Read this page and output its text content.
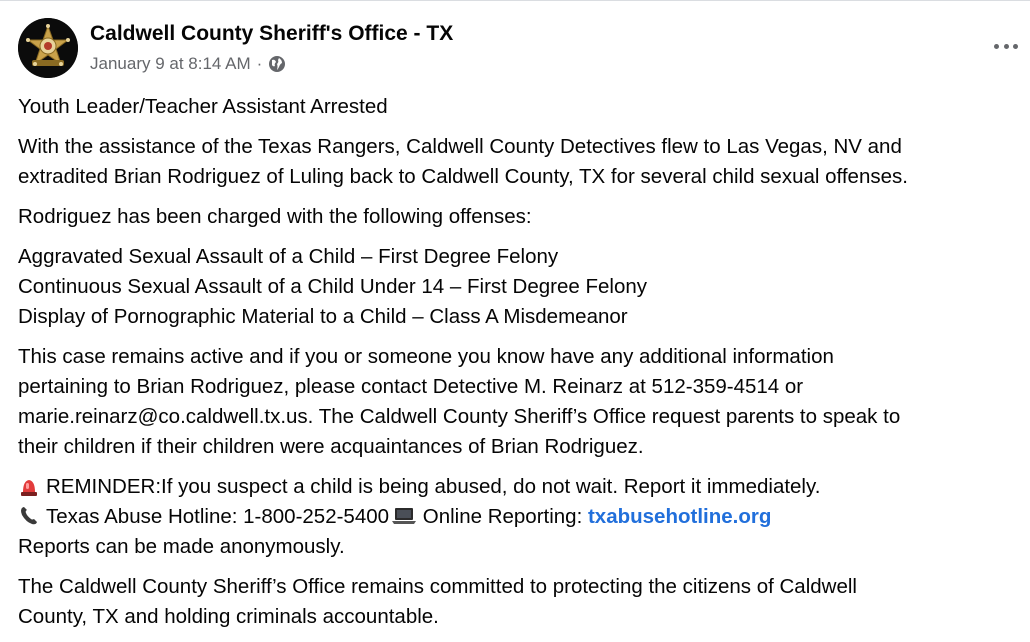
Caldwell County Sheriff's Office - TX
January 9 at 8:14 AM ·

Youth Leader/Teacher Assistant Arrested

With the assistance of the Texas Rangers, Caldwell County Detectives flew to Las Vegas, NV and
extradited Brian Rodriguez of Luling back to Caldwell County, TX for several child sexual offenses.

Rodriguez has been charged with the following offenses:

Aggravated Sexual Assault of a Child – First Degree Felony
Continuous Sexual Assault of a Child Under 14 – First Degree Felony
Display of Pornographic Material to a Child – Class A Misdemeanor

This case remains active and if you or someone you know have any additional information
pertaining to Brian Rodriguez, please contact Detective M. Reinarz at 512-359-4514 or
marie.reinarz@co.caldwell.tx.us. The Caldwell County Sheriff’s Office request parents to speak to
their children if their children were acquaintances of Brian Rodriguez.

REMINDER:If you suspect a child is being abused, do not wait. Report it immediately.
Texas Abuse Hotline: 1-800-252-5400 Online Reporting: txabusehotline.org
Reports can be made anonymously.

The Caldwell County Sheriff’s Office remains committed to protecting the citizens of Caldwell
County, TX and holding criminals accountable.
